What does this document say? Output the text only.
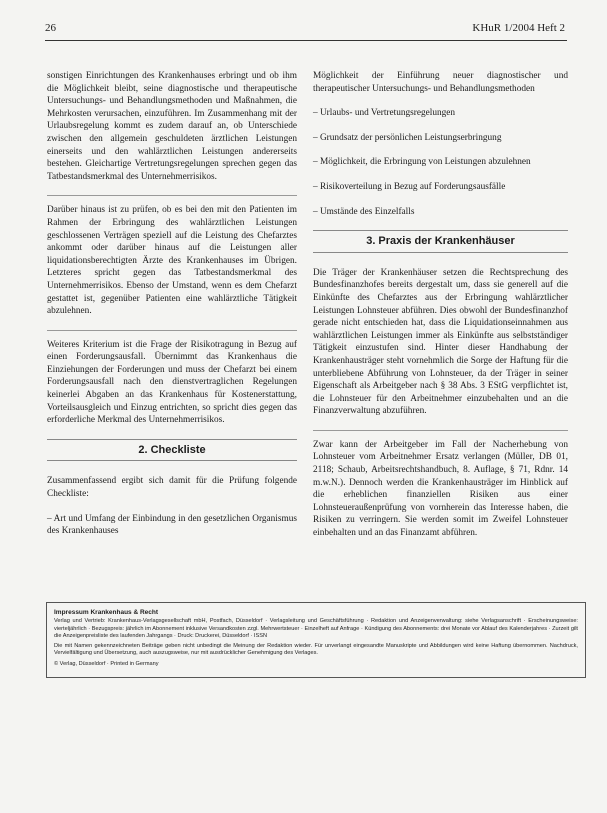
26	KHuR 1/2004 Heft 2

sonstigen Einrichtungen des Krankenhauses erbringt und ob ihm die Möglichkeit bleibt, seine diagnostische und therapeutische Untersuchungs- und Behandlungsmethoden und Maßnahmen, die Mehrkosten verursachen, einzuführen. Im Zusammenhang mit der Urlaubsregelung kommt es zudem darauf an, ob Unterschiede zwischen den allgemein geschuldeten ärztlichen Leistungen einerseits und den wahlärztlichen Leistungen andererseits bestehen. Gleichartige Vertretungsregelungen sprechen gegen das Tatbestandsmerkmal des Unternehmerrisikos.

Darüber hinaus ist zu prüfen, ob es bei den mit den Patienten im Rahmen der Erbringung des wahlärztlichen Leistungen geschlossenen Verträgen speziell auf die Leistung des Chefarztes ankommt oder darüber hinaus auf die Leistungen aller liquidationsberechtigten Ärzte des Krankenhauses im Übrigen. Letzteres spricht gegen das Tatbestandsmerkmal des Unternehmerrisikos. Ebenso der Umstand, wenn es dem Chefarzt gestattet ist, gegenüber Patienten eine wahlärztliche Tätigkeit abzulehnen.

Weiteres Kriterium ist die Frage der Risikotragung in Bezug auf einen Forderungsausfall. Übernimmt das Krankenhaus die Einziehungen der Forderungen und muss der Chefarzt bei einem Forderungsausfall nach den dienstvertraglichen Regelungen keinerlei Abgaben an das Krankenhaus für Kostenerstattung, Vorteilsausgleich und Einzug entrichten, so spricht dies gegen das erforderliche Merkmal des Unternehmerrisikos.

2. Checkliste

Zusammenfassend ergibt sich damit für die Prüfung folgende Checkliste:

– Art und Umfang der Einbindung in den gesetzlichen Organismus des Krankenhauses

Möglichkeit der Einführung neuer diagnostischer und therapeutischer Untersuchungs- und Behandlungsmethoden

– Urlaubs- und Vertretungsregelungen
– Grundsatz der persönlichen Leistungserbringung
– Möglichkeit, die Erbringung von Leistungen abzulehnen
– Risikoverteilung in Bezug auf Forderungsausfälle
– Umstände des Einzelfalls
3. Praxis der Krankenhäuser

Die Träger der Krankenhäuser setzen die Rechtsprechung des Bundesfinanzhofes bereits dergestalt um, dass sie generell auf die Einkünfte des Chefarztes aus der Erbringung wahlärztlicher Leistungen Lohnsteuer abführen. Dies obwohl der Bundesfinanzhof gerade nicht entschieden hat, dass die Liquidationseinnahmen aus wahlärztlichen Leistungen immer als Einkünfte aus selbstständiger Tätigkeit einzustufen sind. Hinter dieser Handhabung der Krankenhausträger steht vornehmlich die Sorge der Haftung für die unterbliebene Abführung von Lohnsteuer, da der Träger in seiner Eigenschaft als Arbeitgeber nach § 38 Abs. 3 EStG verpflichtet ist, die Lohnsteuer für den Arbeitnehmer einzubehalten und an die Finanzverwaltung abzuführen.

Zwar kann der Arbeitgeber im Fall der Nacherhebung von Lohnsteuer vom Arbeitnehmer Ersatz verlangen (Müller, DB 01, 2118; Schaub, Arbeitsrechtshandbuch, 8. Auflage, § 71, Rdnr. 14 m.w.N.). Dennoch werden die Krankenhausträger im Hinblick auf die erheblichen finanziellen Risiken aus einer Lohnsteueraußenprüfung von vornherein das Interesse haben, die Risiken zu verringern. Sie werden somit im Zweifel Lohnsteuer einbehalten und an das Finanzamt abführen.

Impressum Krankenhaus & Recht

Verlag und Vertrieb: Krankenhaus-Verlagsgesellschaft mbH, Postfach, Düsseldorf · Verlagsleitung und Geschäftsführung · Redaktion und Anzeigenverwaltung: siehe Verlagsanschrift · Erscheinungsweise: vierteljährlich · Bezugspreis: jährlich im Abonnement inklusive Versandkosten zzgl. Mehrwertsteuer · Einzelheft auf Anfrage · Kündigung des Abonnements: drei Monate vor Ablauf des Kalenderjahres · Zurzeit gilt die Anzeigenpreisliste des laufenden Jahrgangs · Druck: Druckerei, Düsseldorf · ISSN

Die mit Namen gekennzeichneten Beiträge geben nicht unbedingt die Meinung der Redaktion wieder. Für unverlangt eingesandte Manuskripte und Abbildungen wird keine Haftung übernommen. Nachdruck, Vervielfältigung und Übersetzung, auch auszugsweise, nur mit ausdrücklicher Genehmigung des Verlages.

© Verlag, Düsseldorf · Printed in Germany
